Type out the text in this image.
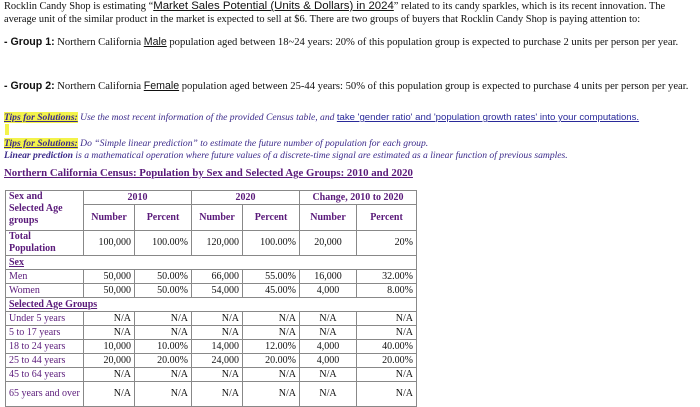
Rocklin Candy Shop is estimating “Market Sales Potential (Units & Dollars) in 2024” related to its candy sparkles, which is its recent innovation. The average unit of the similar product in the market is expected to sell at $6. There are two groups of buyers that Rocklin Candy Shop is paying attention to:
- Group 1: Northern California Male population aged between 18~24 years: 20% of this population group is expected to purchase 2 units per person per year.
- Group 2: Northern California Female population aged between 25-44 years: 50% of this population group is expected to purchase 4 units per person per year.
Tips for Solutions: Use the most recent information of the provided Census table, and take 'gender ratio' and 'population growth rates' into your computations.
Tips for Solutions: Do “Simple linear prediction” to estimate the future number of population for each group.
Linear prediction is a mathematical operation where future values of a discrete-time signal are estimated as a linear function of previous samples.
Northern California Census: Population by Sex and Selected Age Groups: 2010 and 2020
Sex and Selected Age groups	2010		2020		Change, 2010 to 2020	
	Number	Percent	Number	Percent	Number	Percent
Total Population	100,000	100.00%	120,000	100.00%	20,000	20%
Sex						
Men	50,000	50.00%	66,000	55.00%	16,000	32.00%
Women	50,000	50.00%	54,000	45.00%	4,000	8.00%
Selected Age Groups						
Under 5 years	N/A	N/A	N/A	N/A	N/A	N/A
5 to 17 years	N/A	N/A	N/A	N/A	N/A	N/A
18 to 24 years	10,000	10.00%	14,000	12.00%	4,000	40.00%
25 to 44 years	20,000	20.00%	24,000	20.00%	4,000	20.00%
45 to 64 years	N/A	N/A	N/A	N/A	N/A	N/A
65 years and over	N/A	N/A	N/A	N/A	N/A	N/A
